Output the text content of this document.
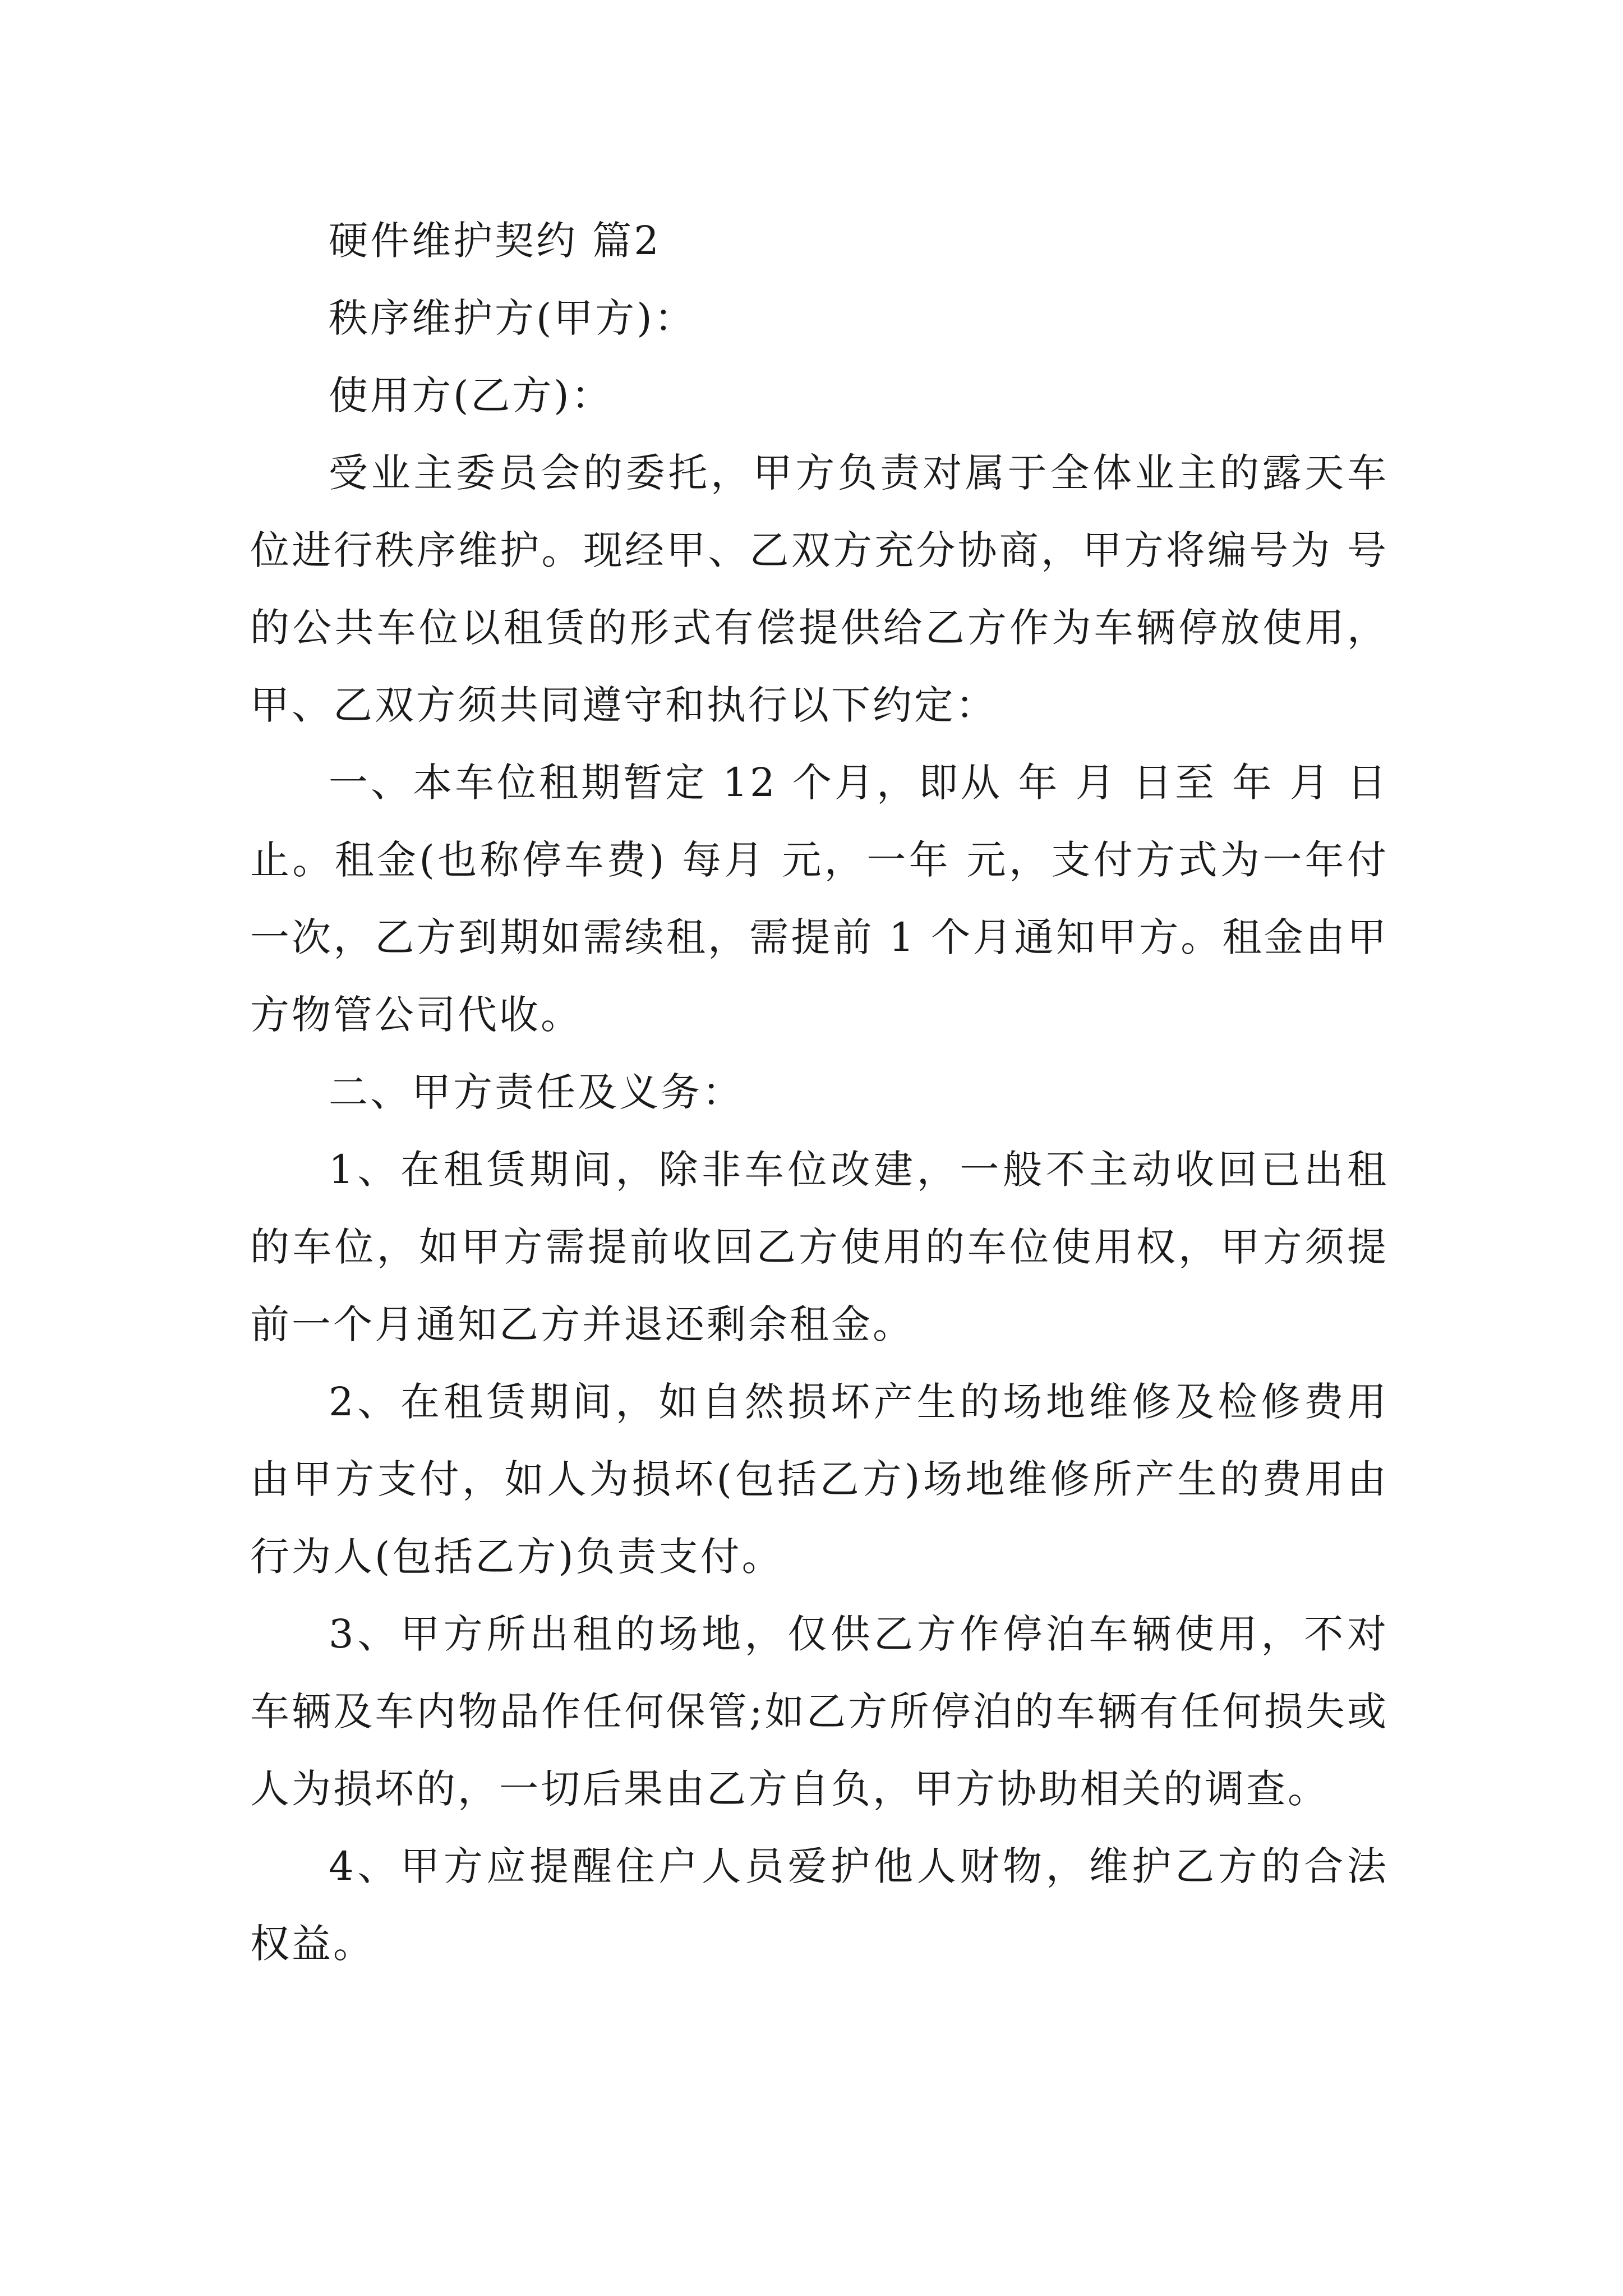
硬件维护契约 篇2

秩序维护方(甲方)：

使用方(乙方)：

受业主委员会的委托，甲方负责对属于全体业主的露天车位进行秩序维护。现经甲、乙双方充分协商，甲方将编号为 号的公共车位以租赁的形式有偿提供给乙方作为车辆停放使用，甲、乙双方须共同遵守和执行以下约定：

一、本车位租期暂定 12 个月，即从 年 月 日至 年 月 日止。租金(也称停车费) 每月 元，一年 元，支付方式为一年付一次，乙方到期如需续租，需提前 1 个月通知甲方。租金由甲方物管公司代收。

二、甲方责任及义务：

1、在租赁期间，除非车位改建，一般不主动收回已出租的车位，如甲方需提前收回乙方使用的车位使用权，甲方须提前一个月通知乙方并退还剩余租金。

2、在租赁期间，如自然损坏产生的场地维修及检修费用由甲方支付，如人为损坏(包括乙方)场地维修所产生的费用由行为人(包括乙方)负责支付。

3、甲方所出租的场地，仅供乙方作停泊车辆使用，不对车辆及车内物品作任何保管;如乙方所停泊的车辆有任何损失或人为损坏的，一切后果由乙方自负，甲方协助相关的调查。

4、甲方应提醒住户人员爱护他人财物，维护乙方的合法权益。
